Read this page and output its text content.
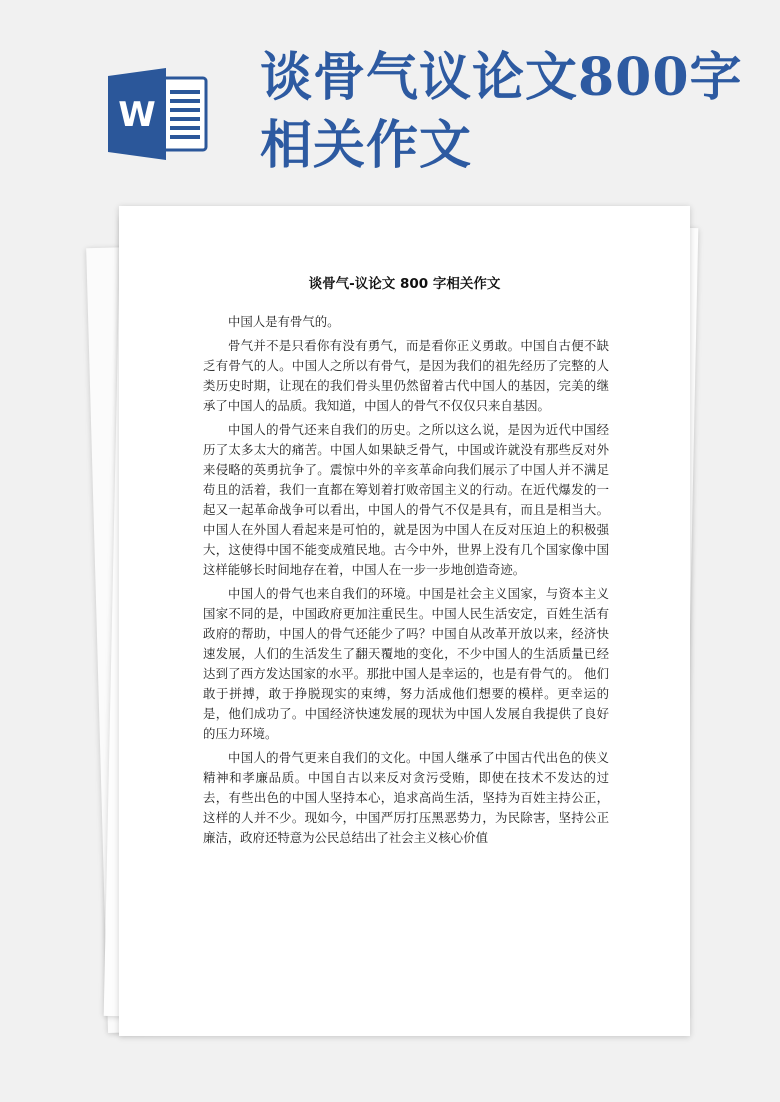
W
谈骨气议论文800字相关作文
谈骨气-议论文 800 字相关作文

中国人是有骨气的。

骨气并不是只看你有没有勇气，而是看你正义勇敢。中国自古便不缺乏有骨气的人。中国人之所以有骨气，是因为我们的祖先经历了完整的人类历史时期，让现在的我们骨头里仍然留着古代中国人的基因，完美的继承了中国人的品质。我知道，中国人的骨气不仅仅只来自基因。

中国人的骨气还来自我们的历史。之所以这么说，是因为近代中国经历了太多太大的痛苦。中国人如果缺乏骨气，中国或许就没有那些反对外来侵略的英勇抗争了。震惊中外的辛亥革命向我们展示了中国人并不满足苟且的活着，我们一直都在筹划着打败帝国主义的行动。在近代爆发的一起又一起革命战争可以看出，中国人的骨气不仅是具有，而且是相当大。中国人在外国人看起来是可怕的，就是因为中国人在反对压迫上的积极强大，这使得中国不能变成殖民地。古今中外，世界上没有几个国家像中国这样能够长时间地存在着，中国人在一步一步地创造奇迹。

中国人的骨气也来自我们的环境。中国是社会主义国家，与资本主义国家不同的是，中国政府更加注重民生。中国人民生活安定，百姓生活有政府的帮助，中国人的骨气还能少了吗？中国自从改革开放以来，经济快速发展，人们的生活发生了翻天覆地的变化，不少中国人的生活质量已经达到了西方发达国家的水平。那批中国人是幸运的，也是有骨气的。 他们敢于拼搏，敢于挣脱现实的束缚，努力活成他们想要的模样。更幸运的是，他们成功了。中国经济快速发展的现状为中国人发展自我提供了良好的压力环境。

中国人的骨气更来自我们的文化。中国人继承了中国古代出色的侠义精神和孝廉品质。中国自古以来反对贪污受贿，即使在技术不发达的过去，有些出色的中国人坚持本心，追求高尚生活，坚持为百姓主持公正，这样的人并不少。现如今，中国严厉打压黑恶势力，为民除害，坚持公正廉洁，政府还特意为公民总结出了社会主义核心价值
